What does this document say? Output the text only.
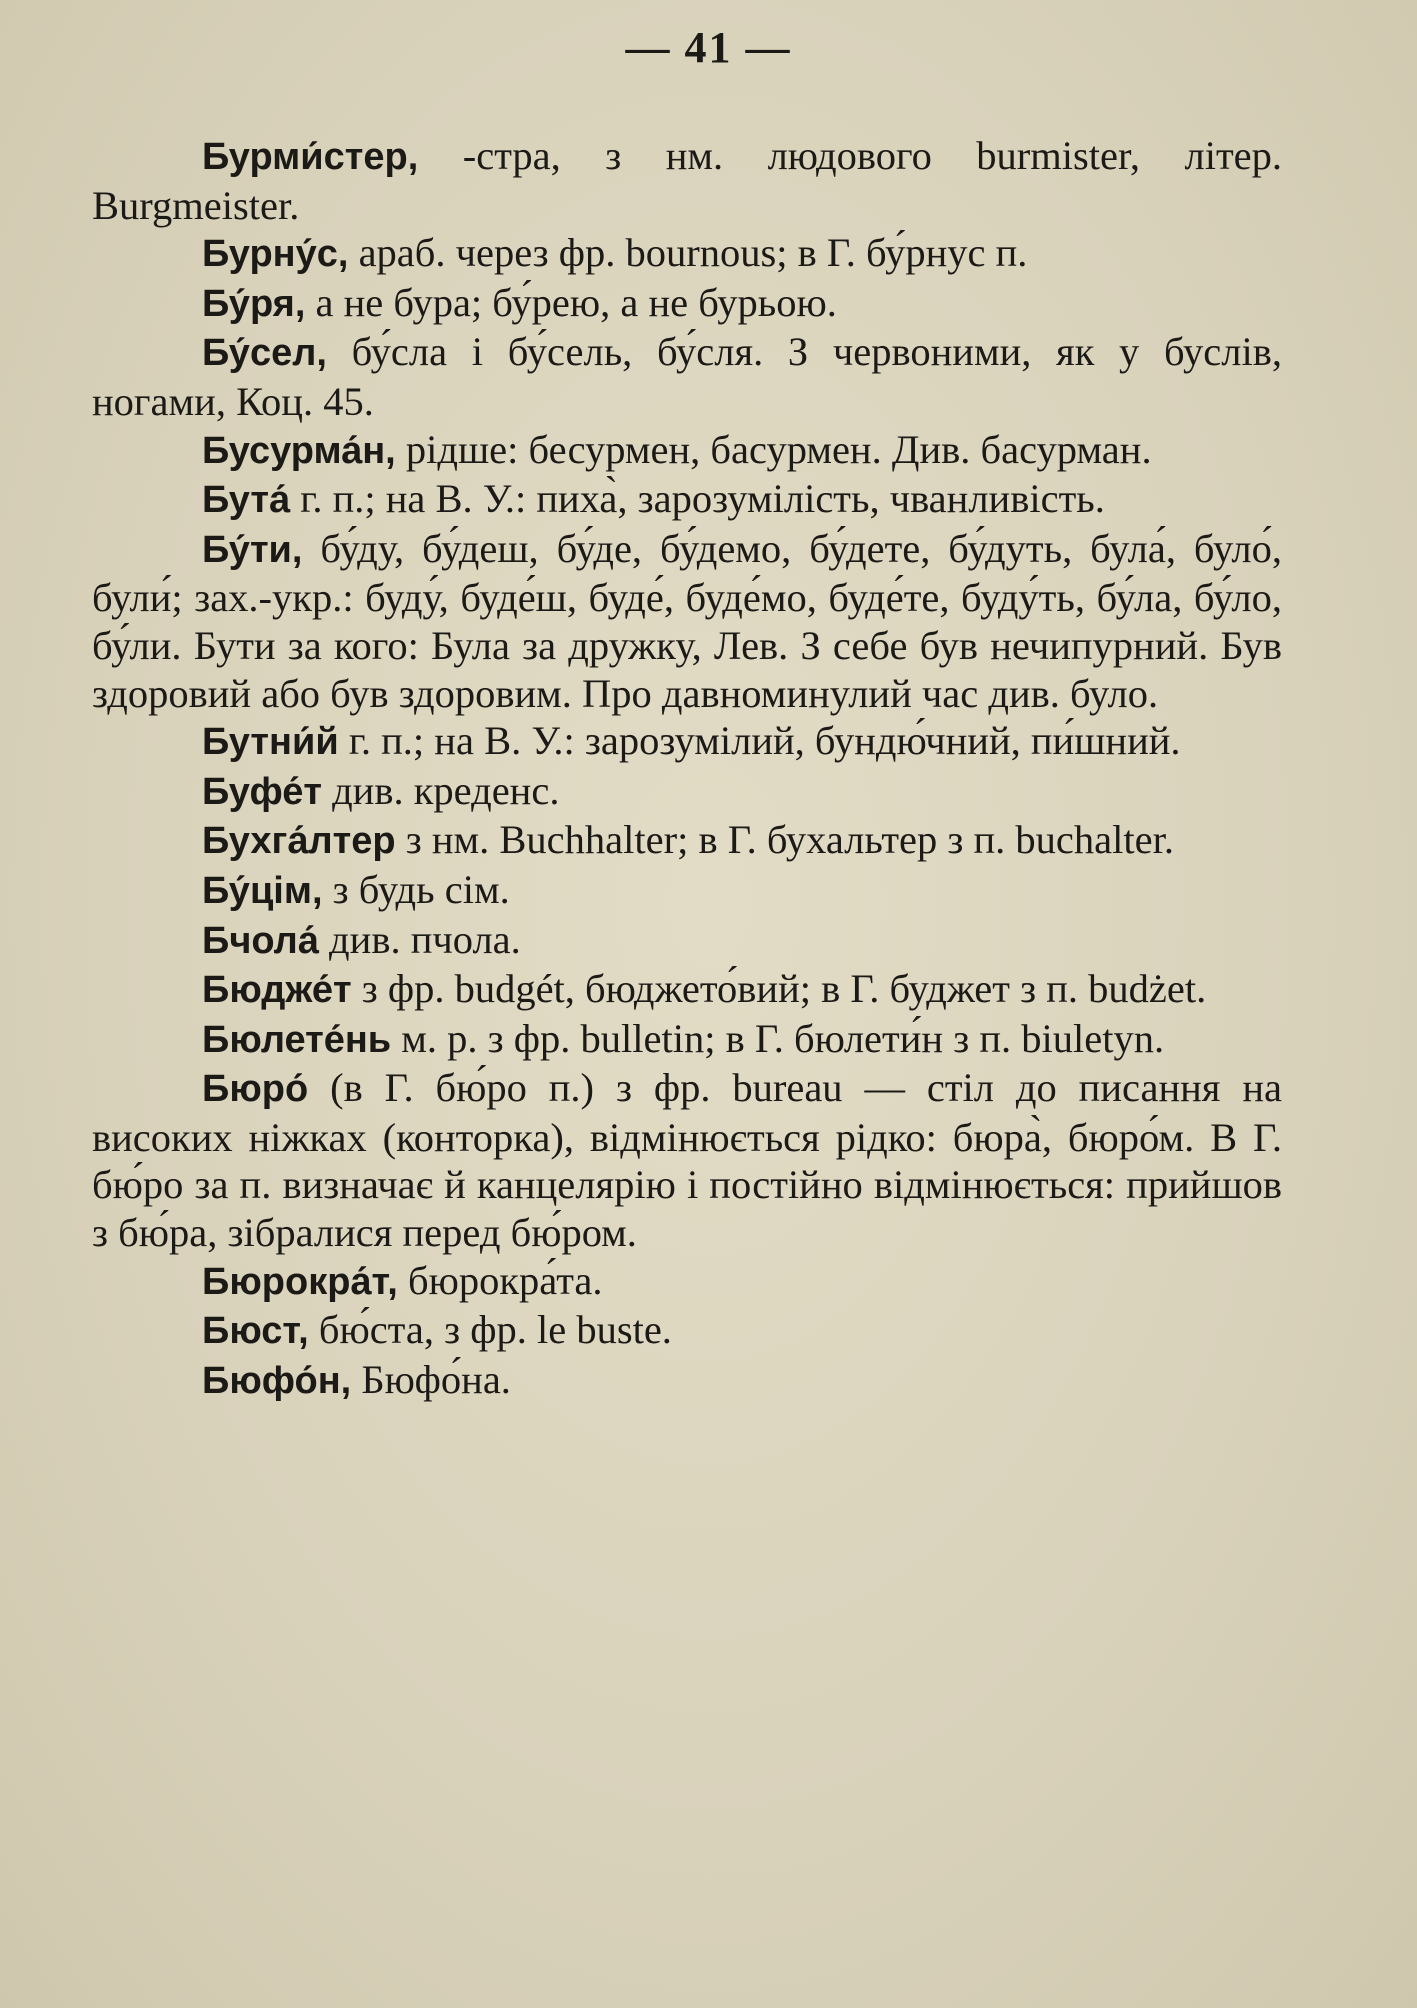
— 41 —

Бурми́стер, -стра, з нм. людового burmister, літер. Burgmeister.

Бурну́с, араб. через фр. bournous; в Г. бу́рнус п.

Бу́ря, а не бура; бу́рею, а не бурьою.

Бу́сел, бу́сла і бу́сель, бу́сля. З червоними, як у буслів, ногами, Коц. 45.

Бусурма́н, рідше: бесурмен, басурмен. Див. басурман.

Бута́ г. п.; на В. У.: пиха̀, зарозумілість, чванливість.

Бу́ти, бу́ду, бу́деш, бу́де, бу́демо, бу́дете, бу́дуть, була́, було́, були́; зах.-укр.: буду́, буде́ш, буде́, буде́мо, буде́те, буду́ть, бу́ла, бу́ло, бу́ли. Бути за кого: Була за дружку, Лев. З себе був нечипурний. Був здоровий або був здоровим. Про давноминулий час див. було.

Бутни́й г. п.; на В. У.: зарозумілий, бундю́чний, пи́шний.

Буфе́т див. креденс.

Бухга́лтер з нм. Buchhalter; в Г. бухальтер з п. buchalter.

Бу́цім, з будь сім.

Бчола́ див. пчола.

Бюдже́т з фр. budgét, бюджето́вий; в Г. буджет з п. budżet.

Бюлете́нь м. р. з фр. bulletin; в Г. бюлети́н з п. biuletyn.

Бюро́ (в Г. бю́ро п.) з фр. bureau — стіл до писання на високих ніжках (конторка), відмінюється рідко: бюра̀, бюро́м. В Г. бю́ро за п. визначає й канцелярію і постійно відмінюється: прийшов з бю́ра, зібралися перед бю́ром.

Бюрокра́т, бюрокра́та.

Бюст, бю́ста, з фр. le buste.

Бюфо́н, Бюфо́на.
